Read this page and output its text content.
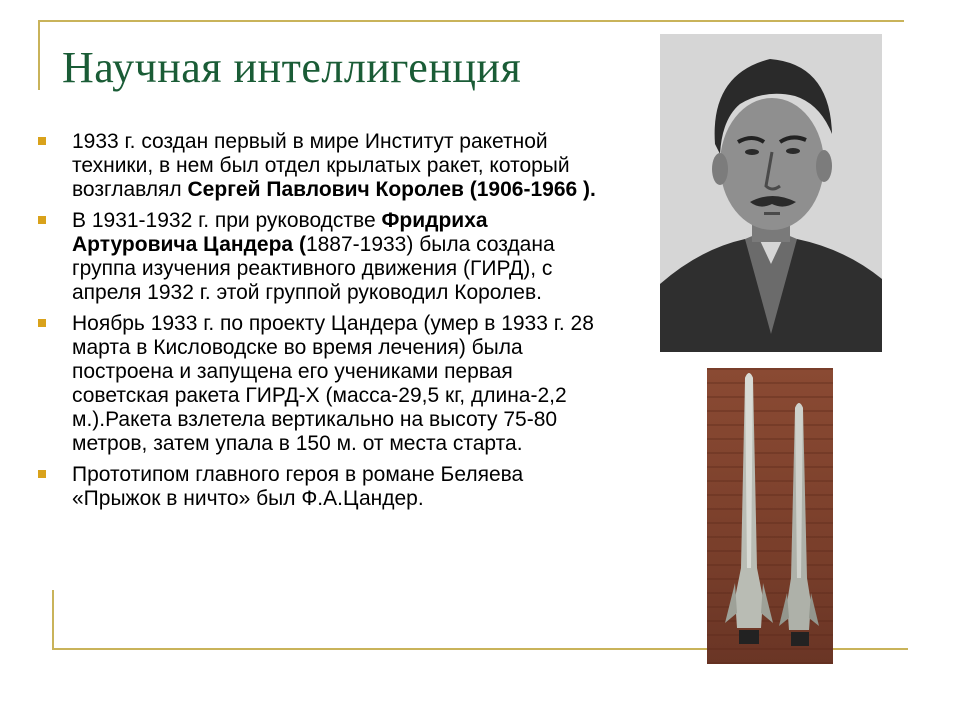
Научная интеллигенция
1933 г. создан первый в мире Институт ракетной техники, в нем был отдел крылатых ракет, который возглавлял Сергей Павлович Королев (1906-1966 ).
В 1931-1932 г. при руководстве Фридриха Артуровича Цандера (1887-1933) была создана группа изучения реактивного движения (ГИРД), с апреля 1932 г. этой группой руководил Королев.
Ноябрь 1933 г. по проекту Цандера (умер в 1933 г. 28 марта в Кисловодске во время лечения) была построена и запущена его учениками первая советская ракета ГИРД-Х (масса-29,5 кг, длина-2,2 м.).Ракета взлетела вертикально на высоту 75-80 метров, затем упала в 150 м. от места старта.
Прототипом главного героя в романе Беляева «Прыжок в ничто» был Ф.А.Цандер.
